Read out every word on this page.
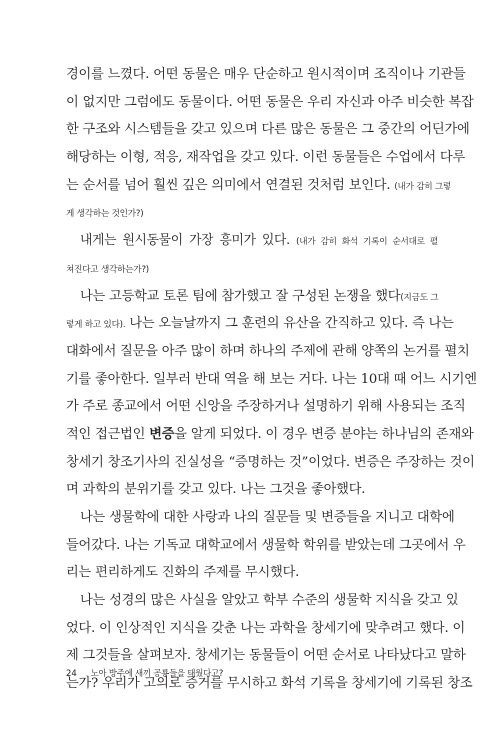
경이를 느꼈다. 어떤 동물은 매우 단순하고 원시적이며 조직이나 기관들
이 없지만 그럼에도 동물이다. 어떤 동물은 우리 자신과 아주 비슷한 복잡
한 구조와 시스템들을 갖고 있으며 다른 많은 동물은 그 중간의 어딘가에
해당하는 이형, 적응, 재작업을 갖고 있다. 이런 동물들은 수업에서 다루
는 순서를 넘어 훨씬 깊은 의미에서 연결된 것처럼 보인다. (내가 감히 그렇
게 생각하는 것인가?)
내게는 원시동물이 가장 흥미가 있다. (내가 감히 화석 기록이 순서대로 펼
쳐진다고 생각하는가?)
나는 고등학교 토론 팀에 참가했고 잘 구성된 논쟁을 했다(지금도 그
렇게 하고 있다). 나는 오늘날까지 그 훈련의 유산을 간직하고 있다. 즉 나는
대화에서 질문을 아주 많이 하며 하나의 주제에 관해 양쪽의 논거를 펼치
기를 좋아한다. 일부러 반대 역을 해 보는 거다. 나는 10대 때 어느 시기엔
가 주로 종교에서 어떤 신앙을 주장하거나 설명하기 위해 사용되는 조직
적인 접근법인 변증을 알게 되었다. 이 경우 변증 분야는 하나님의 존재와
창세기 창조기사의 진실성을 “증명하는 것”이었다. 변증은 주장하는 것이
며 과학의 분위기를 갖고 있다. 나는 그것을 좋아했다.
나는 생물학에 대한 사랑과 나의 질문들 및 변증들을 지니고 대학에
들어갔다. 나는 기독교 대학교에서 생물학 학위를 받았는데 그곳에서 우
리는 편리하게도 진화의 주제를 무시했다.
나는 성경의 많은 사실을 알았고 학부 수준의 생물학 지식을 갖고 있
었다. 이 인상적인 지식을 갖춘 나는 과학을 창세기에 맞추려고 했다. 이
제 그것들을 살펴보자. 창세기는 동물들이 어떤 순서로 나타났다고 말하
는가? 우리가 고의로 증거를 무시하고 화석 기록을 창세기에 기록된 창조
24 노아 방주에 새끼 공룡들을 태웠다고?
